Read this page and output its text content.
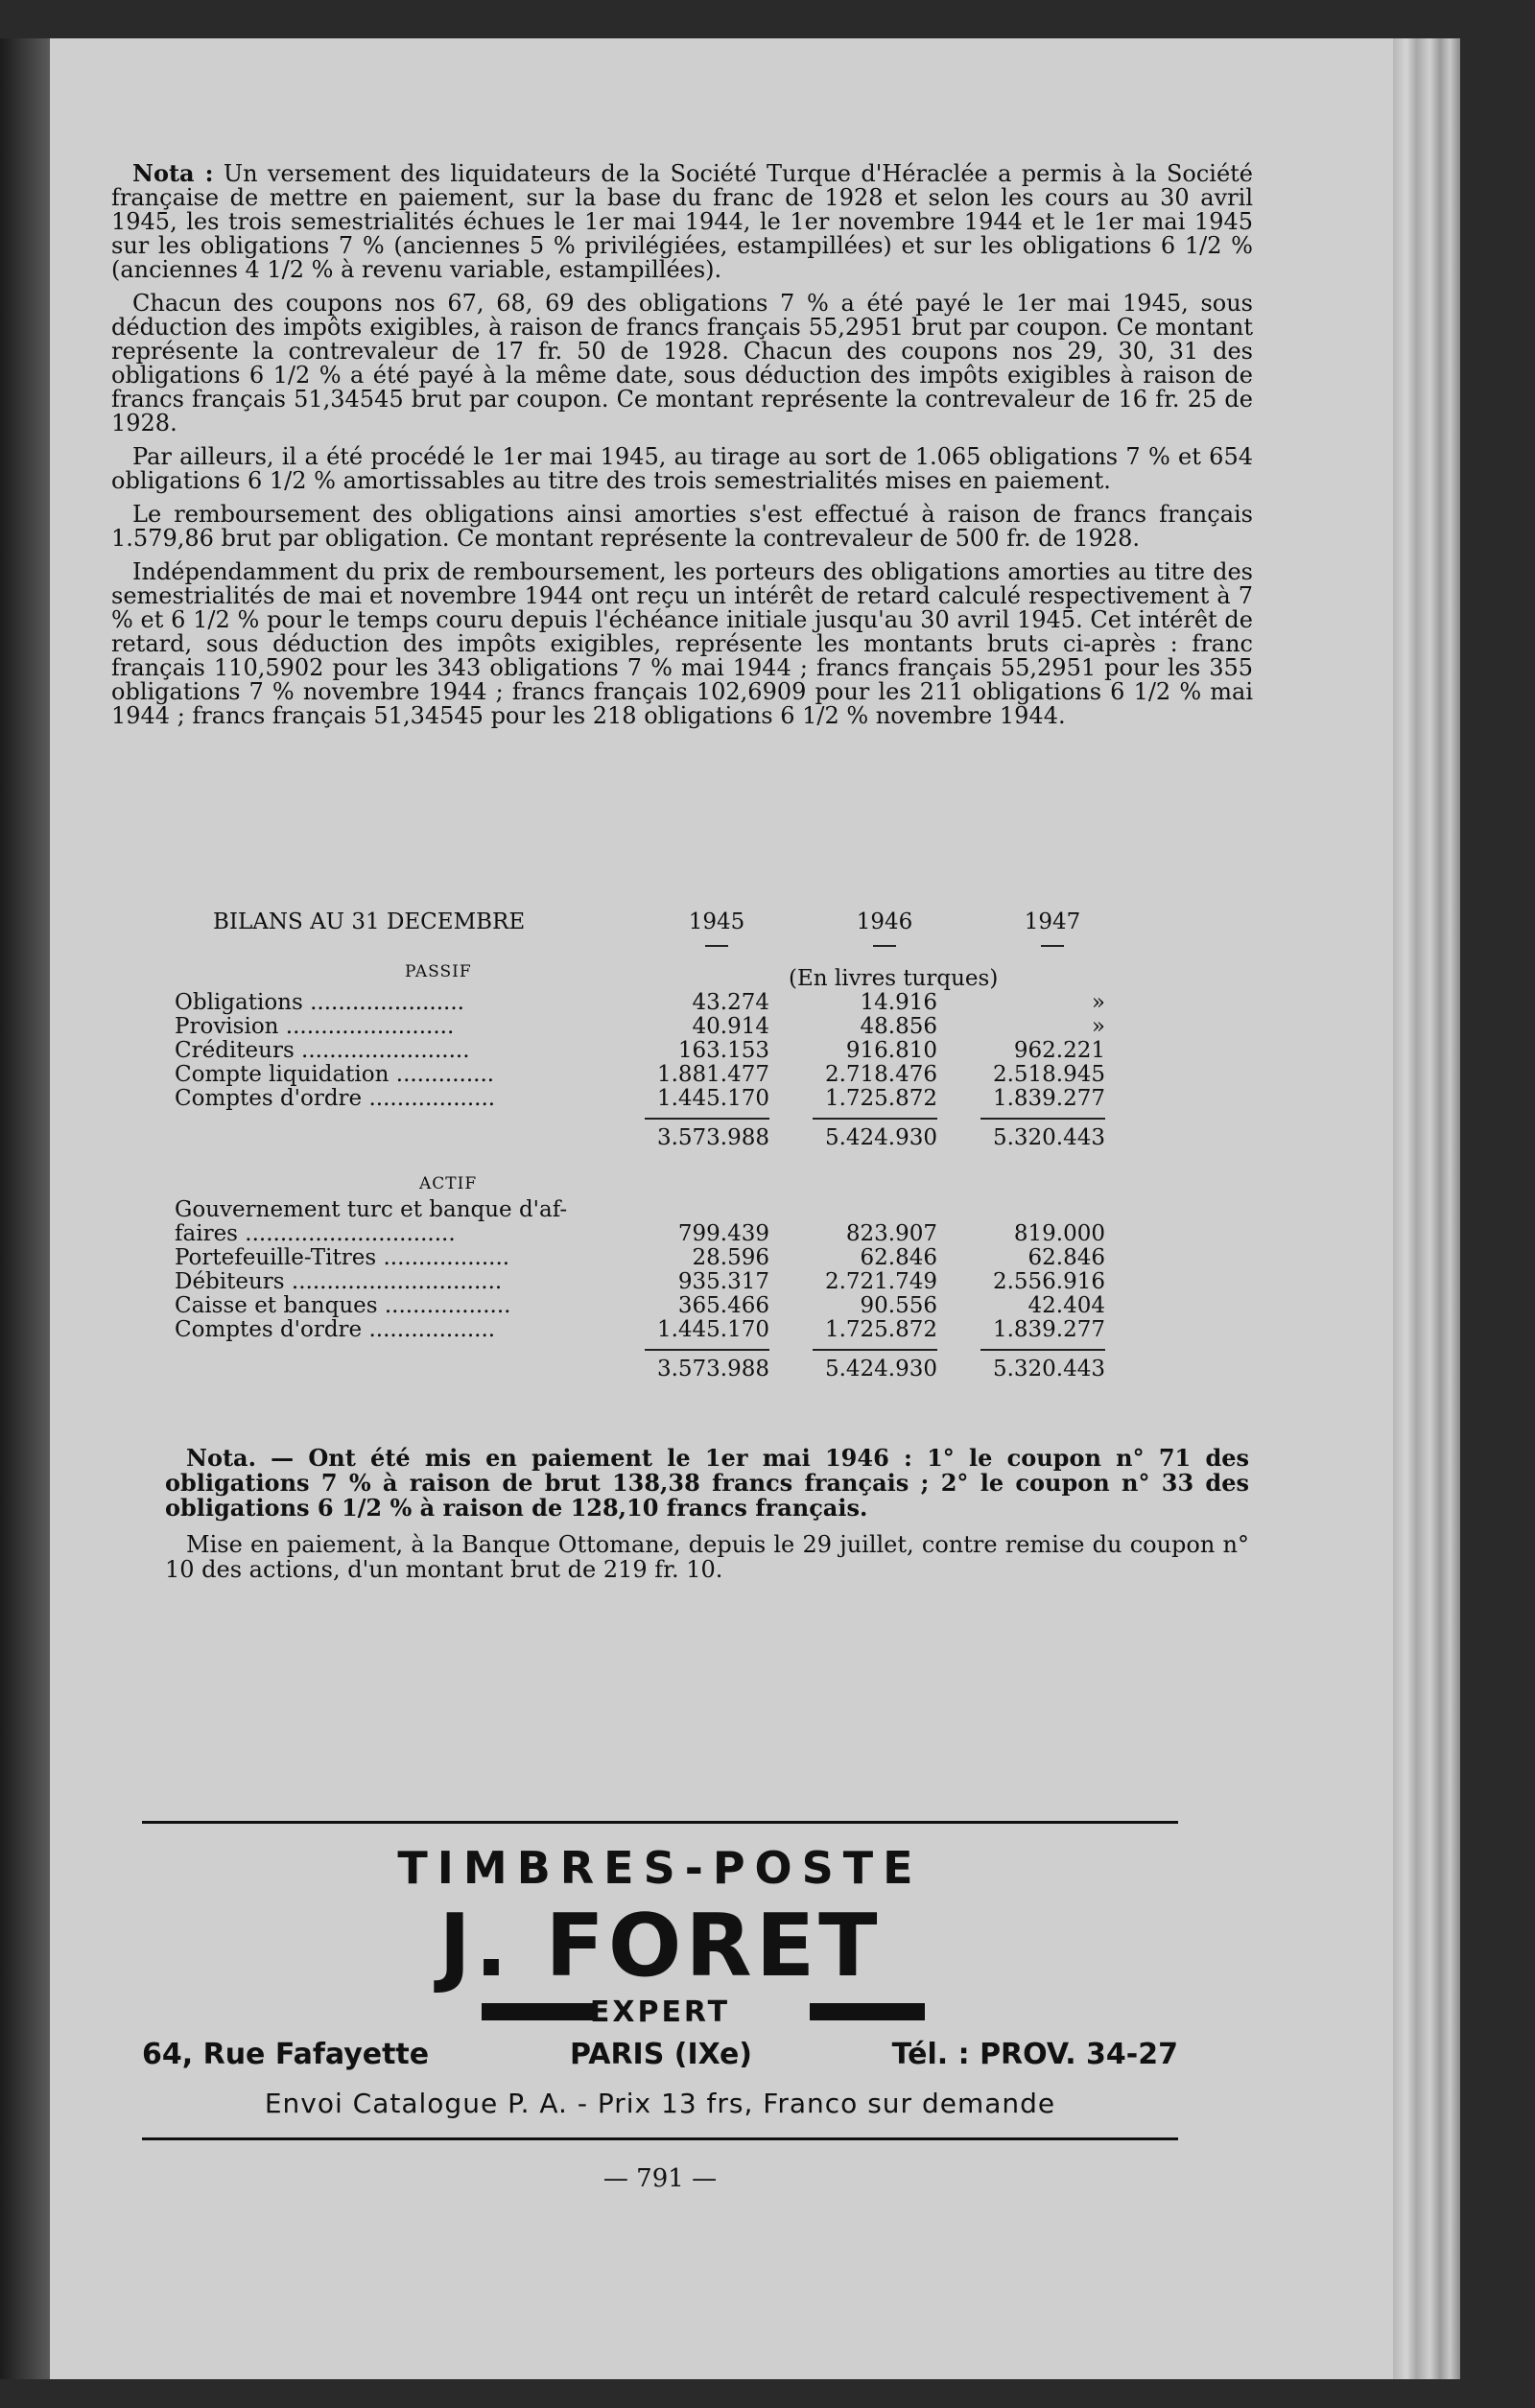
Nota : Un versement des liquidateurs de la Société Turque d'Héraclée a permis à la Société française de mettre en paiement, sur la base du franc de 1928 et selon les cours au 30 avril 1945, les trois semestrialités échues le 1er mai 1944, le 1er novembre 1944 et le 1er mai 1945 sur les obligations 7 % (anciennes 5 % privilégiées, estampillées) et sur les obligations 6 1/2 % (anciennes 4 1/2 % à revenu variable, estampillées).

Chacun des coupons nos 67, 68, 69 des obligations 7 % a été payé le 1er mai 1945, sous déduction des impôts exigibles, à raison de francs français 55,2951 brut par coupon. Ce montant représente la contrevaleur de 17 fr. 50 de 1928. Chacun des coupons nos 29, 30, 31 des obligations 6 1/2 % a été payé à la même date, sous déduction des impôts exigibles à raison de francs français 51,34545 brut par coupon. Ce montant représente la contrevaleur de 16 fr. 25 de 1928.

Par ailleurs, il a été procédé le 1er mai 1945, au tirage au sort de 1.065 obligations 7 % et 654 obligations 6 1/2 % amortissables au titre des trois semestrialités mises en paiement.

Le remboursement des obligations ainsi amorties s'est effectué à raison de francs français 1.579,86 brut par obligation. Ce montant représente la contrevaleur de 500 fr. de 1928.

Indépendamment du prix de remboursement, les porteurs des obligations amorties au titre des semestrialités de mai et novembre 1944 ont reçu un intérêt de retard calculé respectivement à 7 % et 6 1/2 % pour le temps couru depuis l'échéance initiale jusqu'au 30 avril 1945. Cet intérêt de retard, sous déduction des impôts exigibles, représente les montants bruts ci-après : franc français 110,5902 pour les 343 obligations 7 % mai 1944 ; francs français 55,2951 pour les 355 obligations 7 % novembre 1944 ; francs français 102,6909 pour les 211 obligations 6 1/2 % mai 1944 ; francs français 51,34545 pour les 218 obligations 6 1/2 % novembre 1944.

BILANS AU 31 DECEMBRE	1945	1946	1947
PASSIF	(En livres turques)
Obligations ......................	43.274	14.916	»
Provision ........................	40.914	48.856	»
Créditeurs ........................	163.153	916.810	962.221
Compte liquidation ..............	1.881.477	2.718.476	2.518.945
Comptes d'ordre ..................	1.445.170	1.725.872	1.839.277
3.573.988	5.424.930	5.320.443
ACTIF
Gouvernement turc et banque d'af-
faires ..............................	799.439	823.907	819.000
Portefeuille-Titres ..................	28.596	62.846	62.846
Débiteurs ..............................	935.317	2.721.749	2.556.916
Caisse et banques ..................	365.466	90.556	42.404
Comptes d'ordre ..................	1.445.170	1.725.872	1.839.277
3.573.988	5.424.930	5.320.443

Nota. — Ont été mis en paiement le 1er mai 1946 : 1° le coupon n° 71 des obligations 7 % à raison de brut 138,38 francs français ; 2° le coupon n° 33 des obligations 6 1/2 % à raison de 128,10 francs français.

Mise en paiement, à la Banque Ottomane, depuis le 29 juillet, contre remise du coupon n° 10 des actions, d'un montant brut de 219 fr. 10.

TIMBRES-POSTE
J. FORET
EXPERT
64, Rue Fafayette	PARIS (IXe)	Tél. : PROV. 34-27
Envoi Catalogue P. A. - Prix 13 frs, Franco sur demande
— 791 —
